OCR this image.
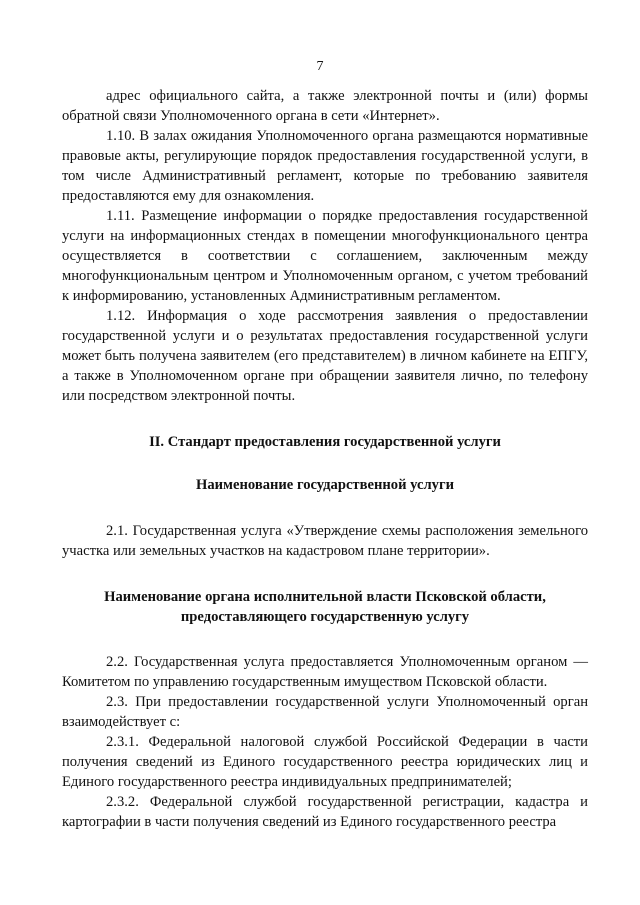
7

адрес официального сайта, а также электронной почты и (или) формы обратной связи Уполномоченного органа в сети «Интернет».

1.10. В залах ожидания Уполномоченного органа размещаются нормативные правовые акты, регулирующие порядок предоставления государственной услуги, в том числе Административный регламент, которые по требованию заявителя предоставляются ему для ознакомления.

1.11. Размещение информации о порядке предоставления государственной услуги на информационных стендах в помещении многофункционального центра осуществляется в соответствии с соглашением, заключенным между многофункциональным центром и Уполномоченным органом, с учетом требований к информированию, установленных Административным регламентом.

1.12. Информация о ходе рассмотрения заявления о предоставлении государственной услуги и о результатах предоставления государственной услуги может быть получена заявителем (его представителем) в личном кабинете на ЕПГУ, а также в Уполномоченном органе при обращении заявителя лично, по телефону или посредством электронной почты.

II. Стандарт предоставления государственной услуги

Наименование государственной услуги

2.1. Государственная услуга «Утверждение схемы расположения земельного участка или земельных участков на кадастровом плане территории».

Наименование органа исполнительной власти Псковской области,
предоставляющего государственную услугу

2.2. Государственная услуга предоставляется Уполномоченным органом — Комитетом по управлению государственным имуществом Псковской области.

2.3. При предоставлении государственной услуги Уполномоченный орган взаимодействует с:

2.3.1. Федеральной налоговой службой Российской Федерации в части получения сведений из Единого государственного реестра юридических лиц и Единого государственного реестра индивидуальных предпринимателей;

2.3.2. Федеральной службой государственной регистрации, кадастра и картографии в части получения сведений из Единого государственного реестра
